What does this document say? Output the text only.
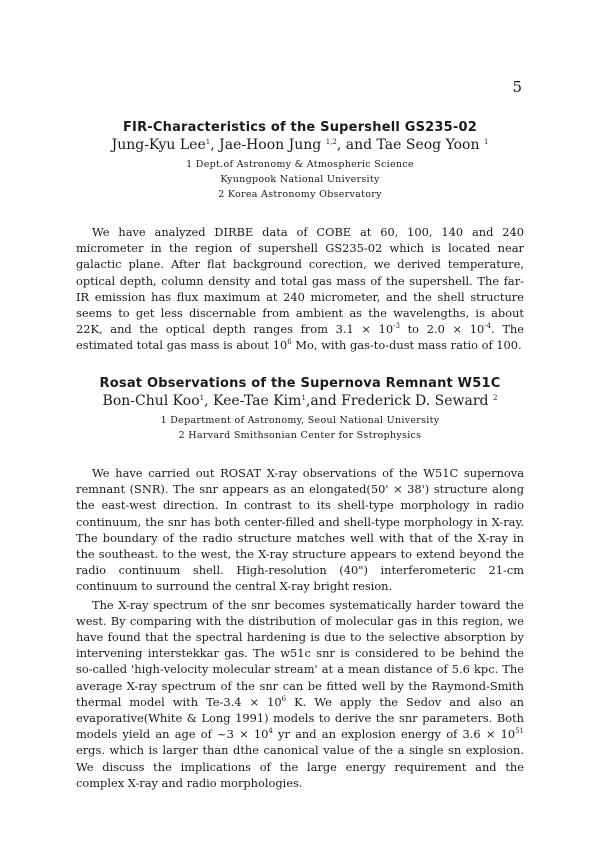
5
FIR-Characteristics of the Supershell GS235-02
Jung-Kyu Lee$^1$, Jae-Hoon Jung $^{1,2}$, and Tae Seog Yoon $^1$
1 Dept.of Astronomy & Atmospheric Science
Kyungpook National University
2 Korea Astronomy Observatory

We have analyzed DIRBE data of COBE at 60, 100, 140 and 240 micrometer in the region of supershell GS235-02 which is located near galactic plane. After flat background corection, we derived temperature, optical depth, column density and total gas mass of the supershell. The far-IR emission has flux maximum at 240 micrometer, and the shell structure seems to get less discernable from ambient as the wavelengths, is about 22K, and the optical depth ranges from $3.1 \times 10^{-3}$ to $2.0 \times 10^{-4}$. The estimated total gas mass is about $10^6$ Mo, with gas-to-dust mass ratio of 100.

Rosat Observations of the Supernova Remnant W51C
Bon-Chul Koo$^1$, Kee-Tae Kim$^1$,and Frederick D. Seward $^2$
1 Department of Astronomy, Seoul National University
2 Harvard Smithsonian Center for Sstrophysics

We have carried out ROSAT X-ray observations of the W51C supernova remnant (SNR). The snr appears as an elongated(50' × 38') structure along the east-west direction. In contrast to its shell-type morphology in radio continuum, the snr has both center-filled and shell-type morphology in X-ray. The boundary of the radio structure matches well with that of the X-ray in the southeast. to the west, the X-ray structure appears to extend beyond the radio continuum shell. High-resolution (40") interferometeric 21-cm continuum to surround the central X-ray bright resion.

The X-ray spectrum of the snr becomes systematically harder toward the west. By comparing with the distribution of molecular gas in this region, we have found that the spectral hardening is due to the selective absorption by intervening interstekkar gas. The w51c snr is considered to be behind the so-called 'high-velocity molecular stream' at a mean distance of 5.6 kpc. The average X-ray spectrum of the snr can be fitted well by the Raymond-Smith thermal model with $Te-3.4 \times 10^6$ K. We apply the Sedov and also an evaporative(White & Long 1991) models to derive the snr parameters. Both models yield an age of ~3 × $10^4$ yr and an explosion energy of $3.6 \times 10^{51}$ ergs. which is larger than dthe canonical value of the a single sn explosion. We discuss the implications of the large energy requirement and the complex X-ray and radio morphologies.
